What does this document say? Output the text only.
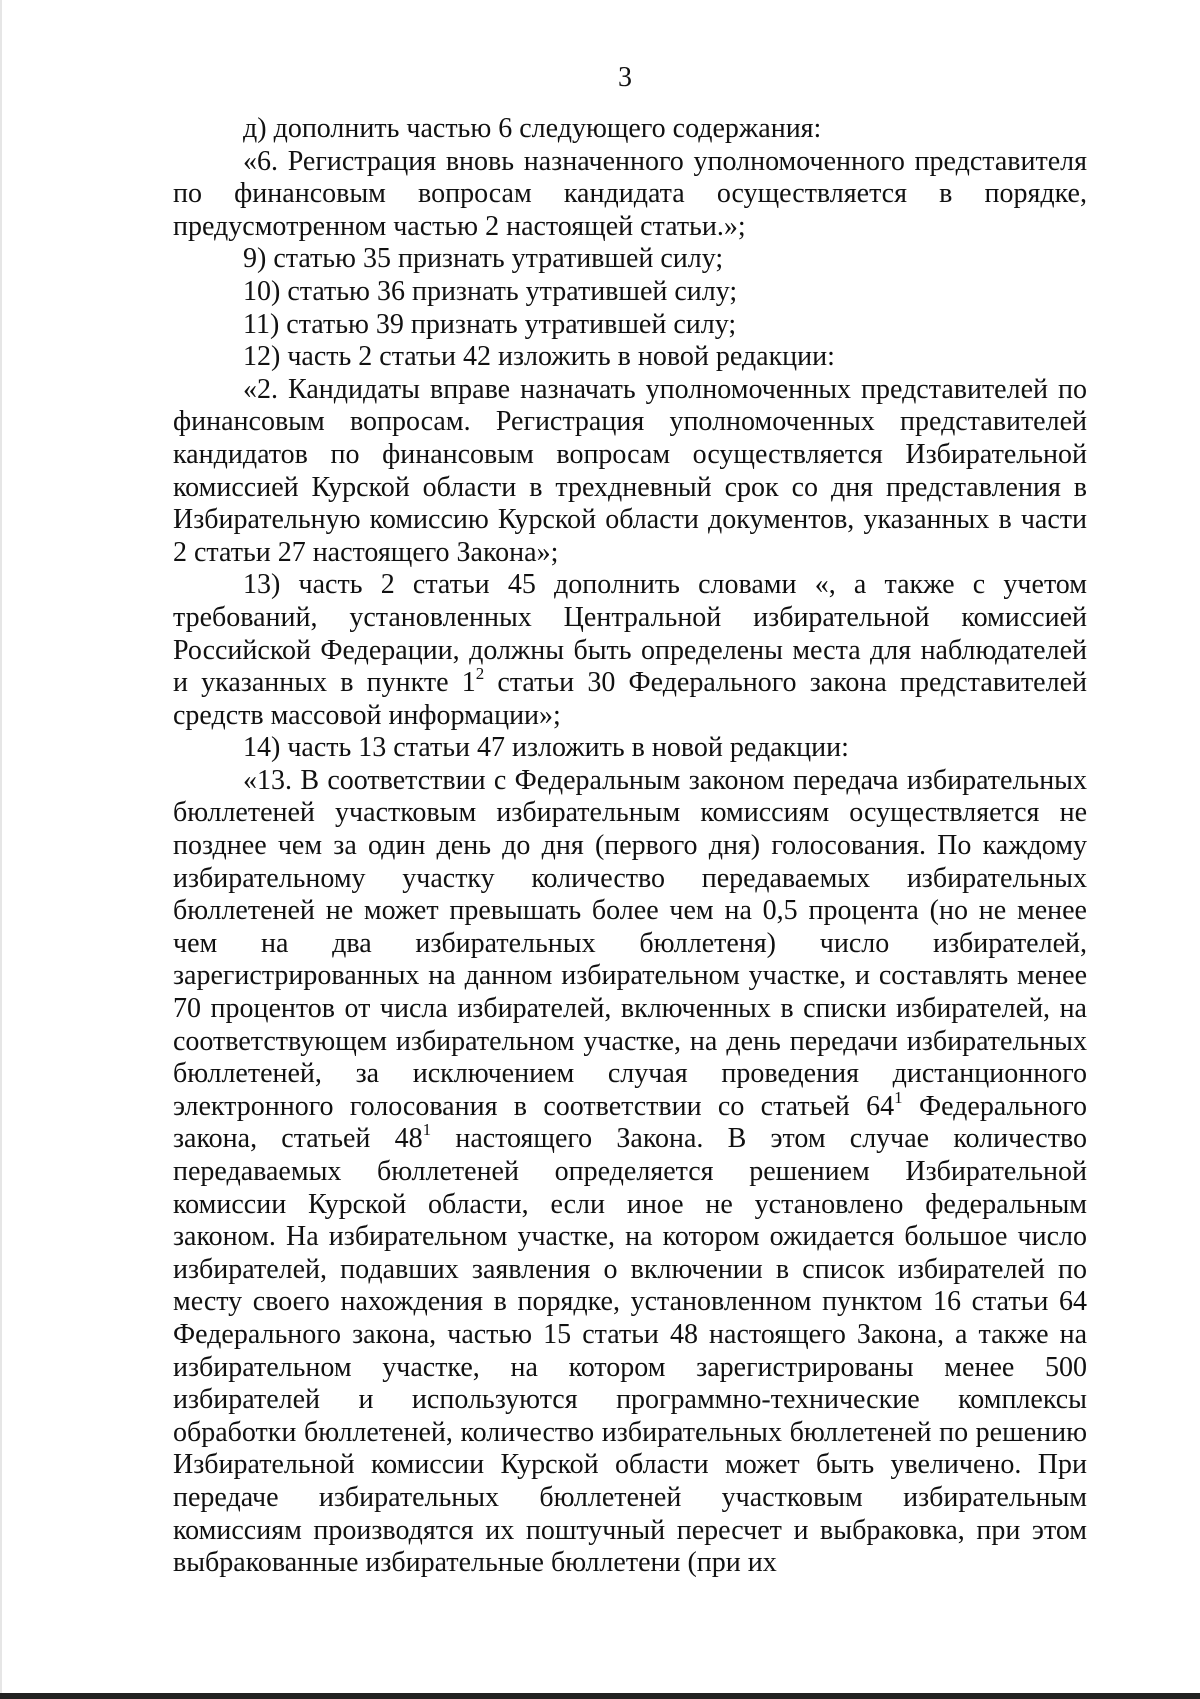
3

д) дополнить частью 6 следующего содержания:

«6. Регистрация вновь назначенного уполномоченного представителя по финансовым вопросам кандидата осуществляется в порядке, предусмотренном частью 2 настоящей статьи.»;

9) статью 35 признать утратившей силу;

10) статью 36 признать утратившей силу;

11) статью 39 признать утратившей силу;

12) часть 2 статьи 42 изложить в новой редакции:

«2. Кандидаты вправе назначать уполномоченных представителей по финансовым вопросам. Регистрация уполномоченных представителей кандидатов по финансовым вопросам осуществляется Избирательной комиссией Курской области в трехдневный срок со дня представления в Избирательную комиссию Курской области документов, указанных в части 2 статьи 27 настоящего Закона»;

13) часть 2 статьи 45 дополнить словами «, а также с учетом требований, установленных Центральной избирательной комиссией Российской Федерации, должны быть определены места для наблюдателей и указанных в пункте $1^2$ статьи 30 Федерального закона представителей средств массовой информации»;

14) часть 13 статьи 47 изложить в новой редакции:

«13. В соответствии с Федеральным законом передача избирательных бюллетеней участковым избирательным комиссиям осуществляется не позднее чем за один день до дня (первого дня) голосования. По каждому избирательному участку количество передаваемых избирательных бюллетеней не может превышать более чем на 0,5 процента (но не менее чем на два избирательных бюллетеня) число избирателей, зарегистрированных на данном избирательном участке, и составлять менее 70 процентов от числа избирателей, включенных в списки избирателей, на соответствующем избирательном участке, на день передачи избирательных бюллетеней, за исключением случая проведения дистанционного электронного голосования в соответствии со статьей $64^1$ Федерального закона, статьей $48^1$ настоящего Закона. В этом случае количество передаваемых бюллетеней определяется решением Избирательной комиссии Курской области, если иное не установлено федеральным законом. На избирательном участке, на котором ожидается большое число избирателей, подавших заявления о включении в список избирателей по месту своего нахождения в порядке, установленном пунктом 16 статьи 64 Федерального закона, частью 15 статьи 48 настоящего Закона, а также на избирательном участке, на котором зарегистрированы менее 500 избирателей и используются программно-технические комплексы обработки бюллетеней, количество избирательных бюллетеней по решению Избирательной комиссии Курской области может быть увеличено. При передаче избирательных бюллетеней участковым избирательным комиссиям производятся их поштучный пересчет и выбраковка, при этом выбракованные избирательные бюллетени (при их
